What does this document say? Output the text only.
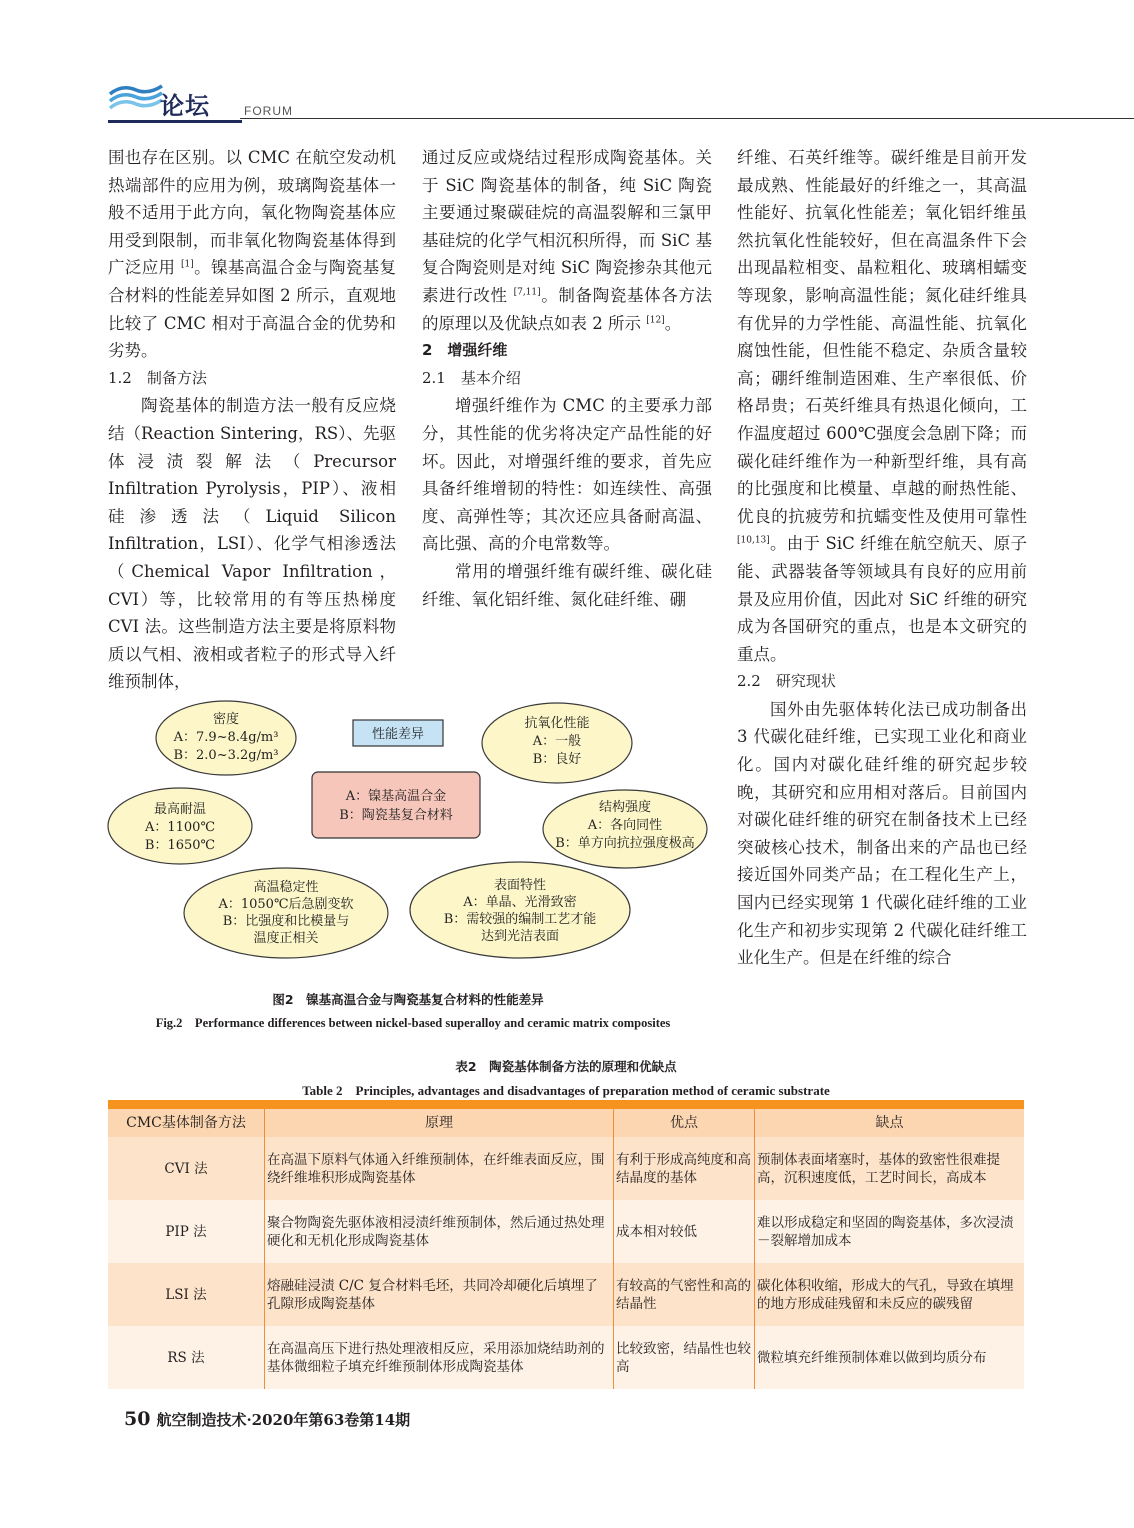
论坛	FORUM

围也存在区别。以 CMC 在航空发动机热端部件的应用为例，玻璃陶瓷基体一般不适用于此方向，氧化物陶瓷基体应用受到限制，而非氧化物陶瓷基体得到广泛应用 [1]。镍基高温合金与陶瓷基复合材料的性能差异如图 2 所示，直观地比较了 CMC 相对于高温合金的优势和劣势。

1.2　制备方法

陶瓷基体的制造方法一般有反应烧结（Reaction Sintering，RS）、先驱体浸渍裂解法（Precursor Infiltration Pyrolysis，PIP）、液相硅渗透法（Liquid Silicon Infiltration，LSI）、化学气相渗透法（Chemical Vapor Infiltration，CVI）等，比较常用的有等压热梯度 CVI 法。这些制造方法主要是将原料物质以气相、液相或者粒子的形式导入纤维预制体，

通过反应或烧结过程形成陶瓷基体。关于 SiC 陶瓷基体的制备，纯 SiC 陶瓷主要通过聚碳硅烷的高温裂解和三氯甲基硅烷的化学气相沉积所得，而 SiC 基复合陶瓷则是对纯 SiC 陶瓷掺杂其他元素进行改性 [7,11]。制备陶瓷基体各方法的原理以及优缺点如表 2 所示 [12]。

2　增强纤维

2.1　基本介绍

增强纤维作为 CMC 的主要承力部分，其性能的优劣将决定产品性能的好坏。因此，对增强纤维的要求，首先应具备纤维增韧的特性：如连续性、高强度、高弹性等；其次还应具备耐高温、高比强、高的介电常数等。

常用的增强纤维有碳纤维、碳化硅纤维、氧化铝纤维、氮化硅纤维、硼

纤维、石英纤维等。碳纤维是目前开发最成熟、性能最好的纤维之一，其高温性能好、抗氧化性能差；氧化铝纤维虽然抗氧化性能较好，但在高温条件下会出现晶粒相变、晶粒粗化、玻璃相蠕变等现象，影响高温性能；氮化硅纤维具有优异的力学性能、高温性能、抗氧化腐蚀性能，但性能不稳定、杂质含量较高；硼纤维制造困难、生产率很低、价格昂贵；石英纤维具有热退化倾向，工作温度超过 600℃强度会急剧下降；而碳化硅纤维作为一种新型纤维，具有高的比强度和比模量、卓越的耐热性能、优良的抗疲劳和抗蠕变性及使用可靠性 [10,13]。由于 SiC 纤维在航空航天、原子能、武器装备等领域具有良好的应用前景及应用价值，因此对 SiC 纤维的研究成为各国研究的重点，也是本文研究的重点。

2.2　研究现状

国外由先驱体转化法已成功制备出 3 代碳化硅纤维，已实现工业化和商业化。国内对碳化硅纤维的研究起步较晚，其研究和应用相对落后。目前国内对碳化硅纤维的研究在制备技术上已经突破核心技术，制备出来的产品也已经接近国外同类产品；在工程化生产上，国内已经实现第 1 代碳化硅纤维的工业化生产和初步实现第 2 代碳化硅纤维工业化生产。但是在纤维的综合

性能差异
A：镍基高温合金
B：陶瓷基复合材料
密度
A：7.9~8.4g/m³
B：2.0~3.2g/m³
抗氧化性能
A：一般
B：良好
最高耐温
A：1100℃
B：1650℃
结构强度
A：各向同性
B：单方向抗拉强度极高
高温稳定性
A：1050℃后急剧变软
B：比强度和比模量与
温度正相关
表面特性
A：单晶、光滑致密
B：需较强的编制工艺才能
达到光洁表面
图2　镍基高温合金与陶瓷基复合材料的性能差异
Fig.2　Performance differences between nickel-based superalloy and ceramic matrix composites
表2　陶瓷基体制备方法的原理和优缺点
Table 2　Principles, advantages and disadvantages of preparation method of ceramic substrate

CMC基体制备方法	原理	优点	缺点
CVI 法	在高温下原料气体通入纤维预制体，在纤维表面反应，围绕纤维堆积形成陶瓷基体	有利于形成高纯度和高结晶度的基体	预制体表面堵塞时，基体的致密性很难提高，沉积速度低，工艺时间长，高成本
PIP 法	聚合物陶瓷先驱体液相浸渍纤维预制体，然后通过热处理硬化和无机化形成陶瓷基体	成本相对较低	难以形成稳定和坚固的陶瓷基体，多次浸渍－裂解增加成本
LSI 法	熔融硅浸渍 C/C 复合材料毛坯，共同冷却硬化后填埋了孔隙形成陶瓷基体	有较高的气密性和高的结晶性	碳化体积收缩，形成大的气孔，导致在填埋的地方形成硅残留和未反应的碳残留
RS 法	在高温高压下进行热处理液相反应，采用添加烧结助剂的基体微细粒子填充纤维预制体形成陶瓷基体	比较致密，结晶性也较高	微粒填充纤维预制体难以做到均质分布
50 航空制造技术·2020年第63卷第14期
